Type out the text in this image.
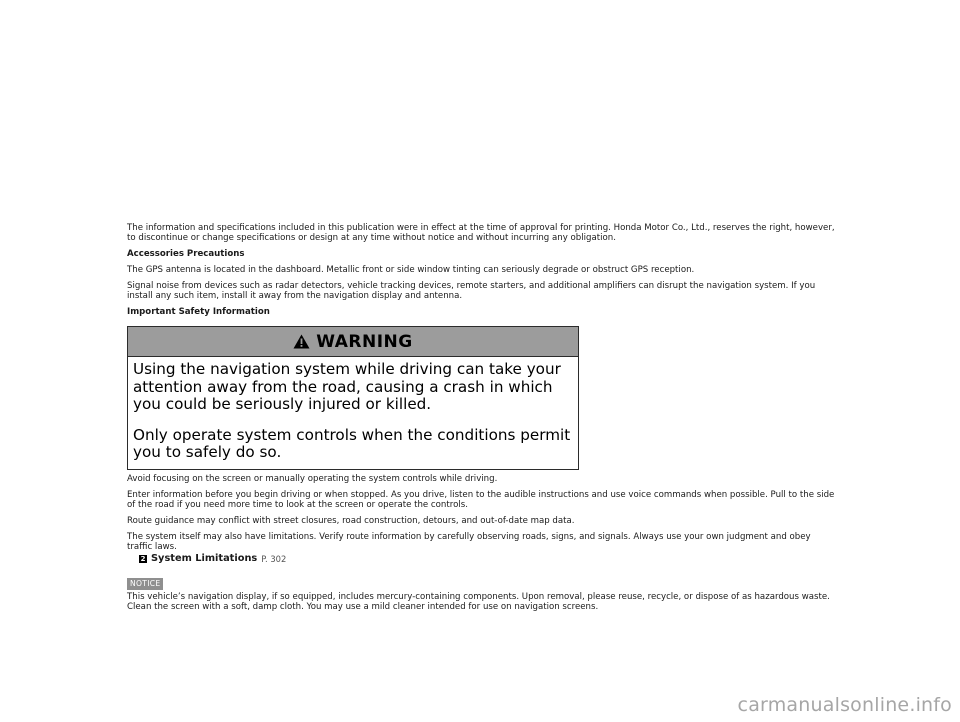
The information and specifications included in this publication were in effect at the time of approval for printing. Honda Motor Co., Ltd., reserves the right, however, to discontinue or change specifications or design at any time without notice and without incurring any obligation.

Accessories Precautions

The GPS antenna is located in the dashboard. Metallic front or side window tinting can seriously degrade or obstruct GPS reception.

Signal noise from devices such as radar detectors, vehicle tracking devices, remote starters, and additional amplifiers can disrupt the navigation system. If you install any such item, install it away from the navigation display and antenna.

Important Safety Information

WARNING

Using the navigation system while driving can take your attention away from the road, causing a crash in which you could be seriously injured or killed.

Only operate system controls when the conditions permit you to safely do so.

Avoid focusing on the screen or manually operating the system controls while driving.

Enter information before you begin driving or when stopped. As you drive, listen to the audible instructions and use voice commands when possible. Pull to the side of the road if you need more time to look at the screen or operate the controls.

Route guidance may conflict with street closures, road construction, detours, and out-of-date map data.

The system itself may also have limitations. Verify route information by carefully observing roads, signs, and signals. Always use your own judgment and obey traffic laws.

2 System Limitations P. 302
NOTICE

This vehicle’s navigation display, if so equipped, includes mercury-containing components. Upon removal, please reuse, recycle, or dispose of as hazardous waste. Clean the screen with a soft, damp cloth. You may use a mild cleaner intended for use on navigation screens.

carmanualsonline.info
